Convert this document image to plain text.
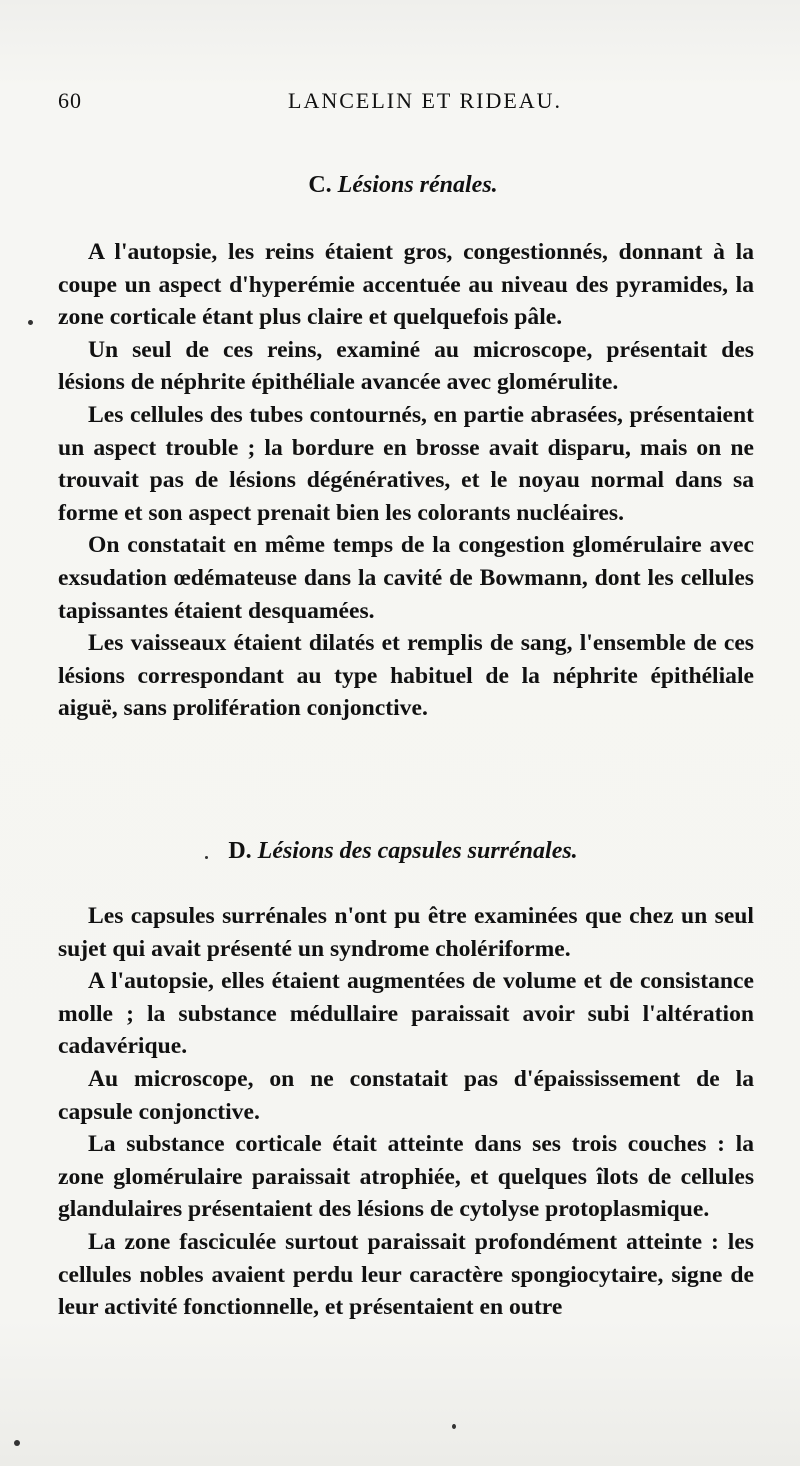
60	LANCELIN ET RIDEAU.
C. Lésions rénales.

A l'autopsie, les reins étaient gros, congestionnés, donnant à la coupe un aspect d'hyperémie accentuée au niveau des pyramides, la zone corticale étant plus claire et quelquefois pâle.

Un seul de ces reins, examiné au microscope, présentait des lésions de néphrite épithéliale avancée avec glomérulite.

Les cellules des tubes contournés, en partie abrasées, présentaient un aspect trouble ; la bordure en brosse avait disparu, mais on ne trouvait pas de lésions dégénératives, et le noyau normal dans sa forme et son aspect prenait bien les colorants nucléaires.

On constatait en même temps de la congestion glomérulaire avec exsudation œdémateuse dans la cavité de Bowmann, dont les cellules tapissantes étaient desquamées.

Les vaisseaux étaient dilatés et remplis de sang, l'ensemble de ces lésions correspondant au type habituel de la néphrite épithéliale aiguë, sans prolifération conjonctive.

D. Lésions des capsules surrénales.

Les capsules surrénales n'ont pu être examinées que chez un seul sujet qui avait présenté un syndrome cholériforme.

A l'autopsie, elles étaient augmentées de volume et de consistance molle ; la substance médullaire paraissait avoir subi l'altération cadavérique.

Au microscope, on ne constatait pas d'épaississement de la capsule conjonctive.

La substance corticale était atteinte dans ses trois couches : la zone glomérulaire paraissait atrophiée, et quelques îlots de cellules glandulaires présentaient des lésions de cytolyse protoplasmique.

La zone fasciculée surtout paraissait profondément atteinte : les cellules nobles avaient perdu leur caractère spongiocytaire, signe de leur activité fonctionnelle, et présentaient en outre
